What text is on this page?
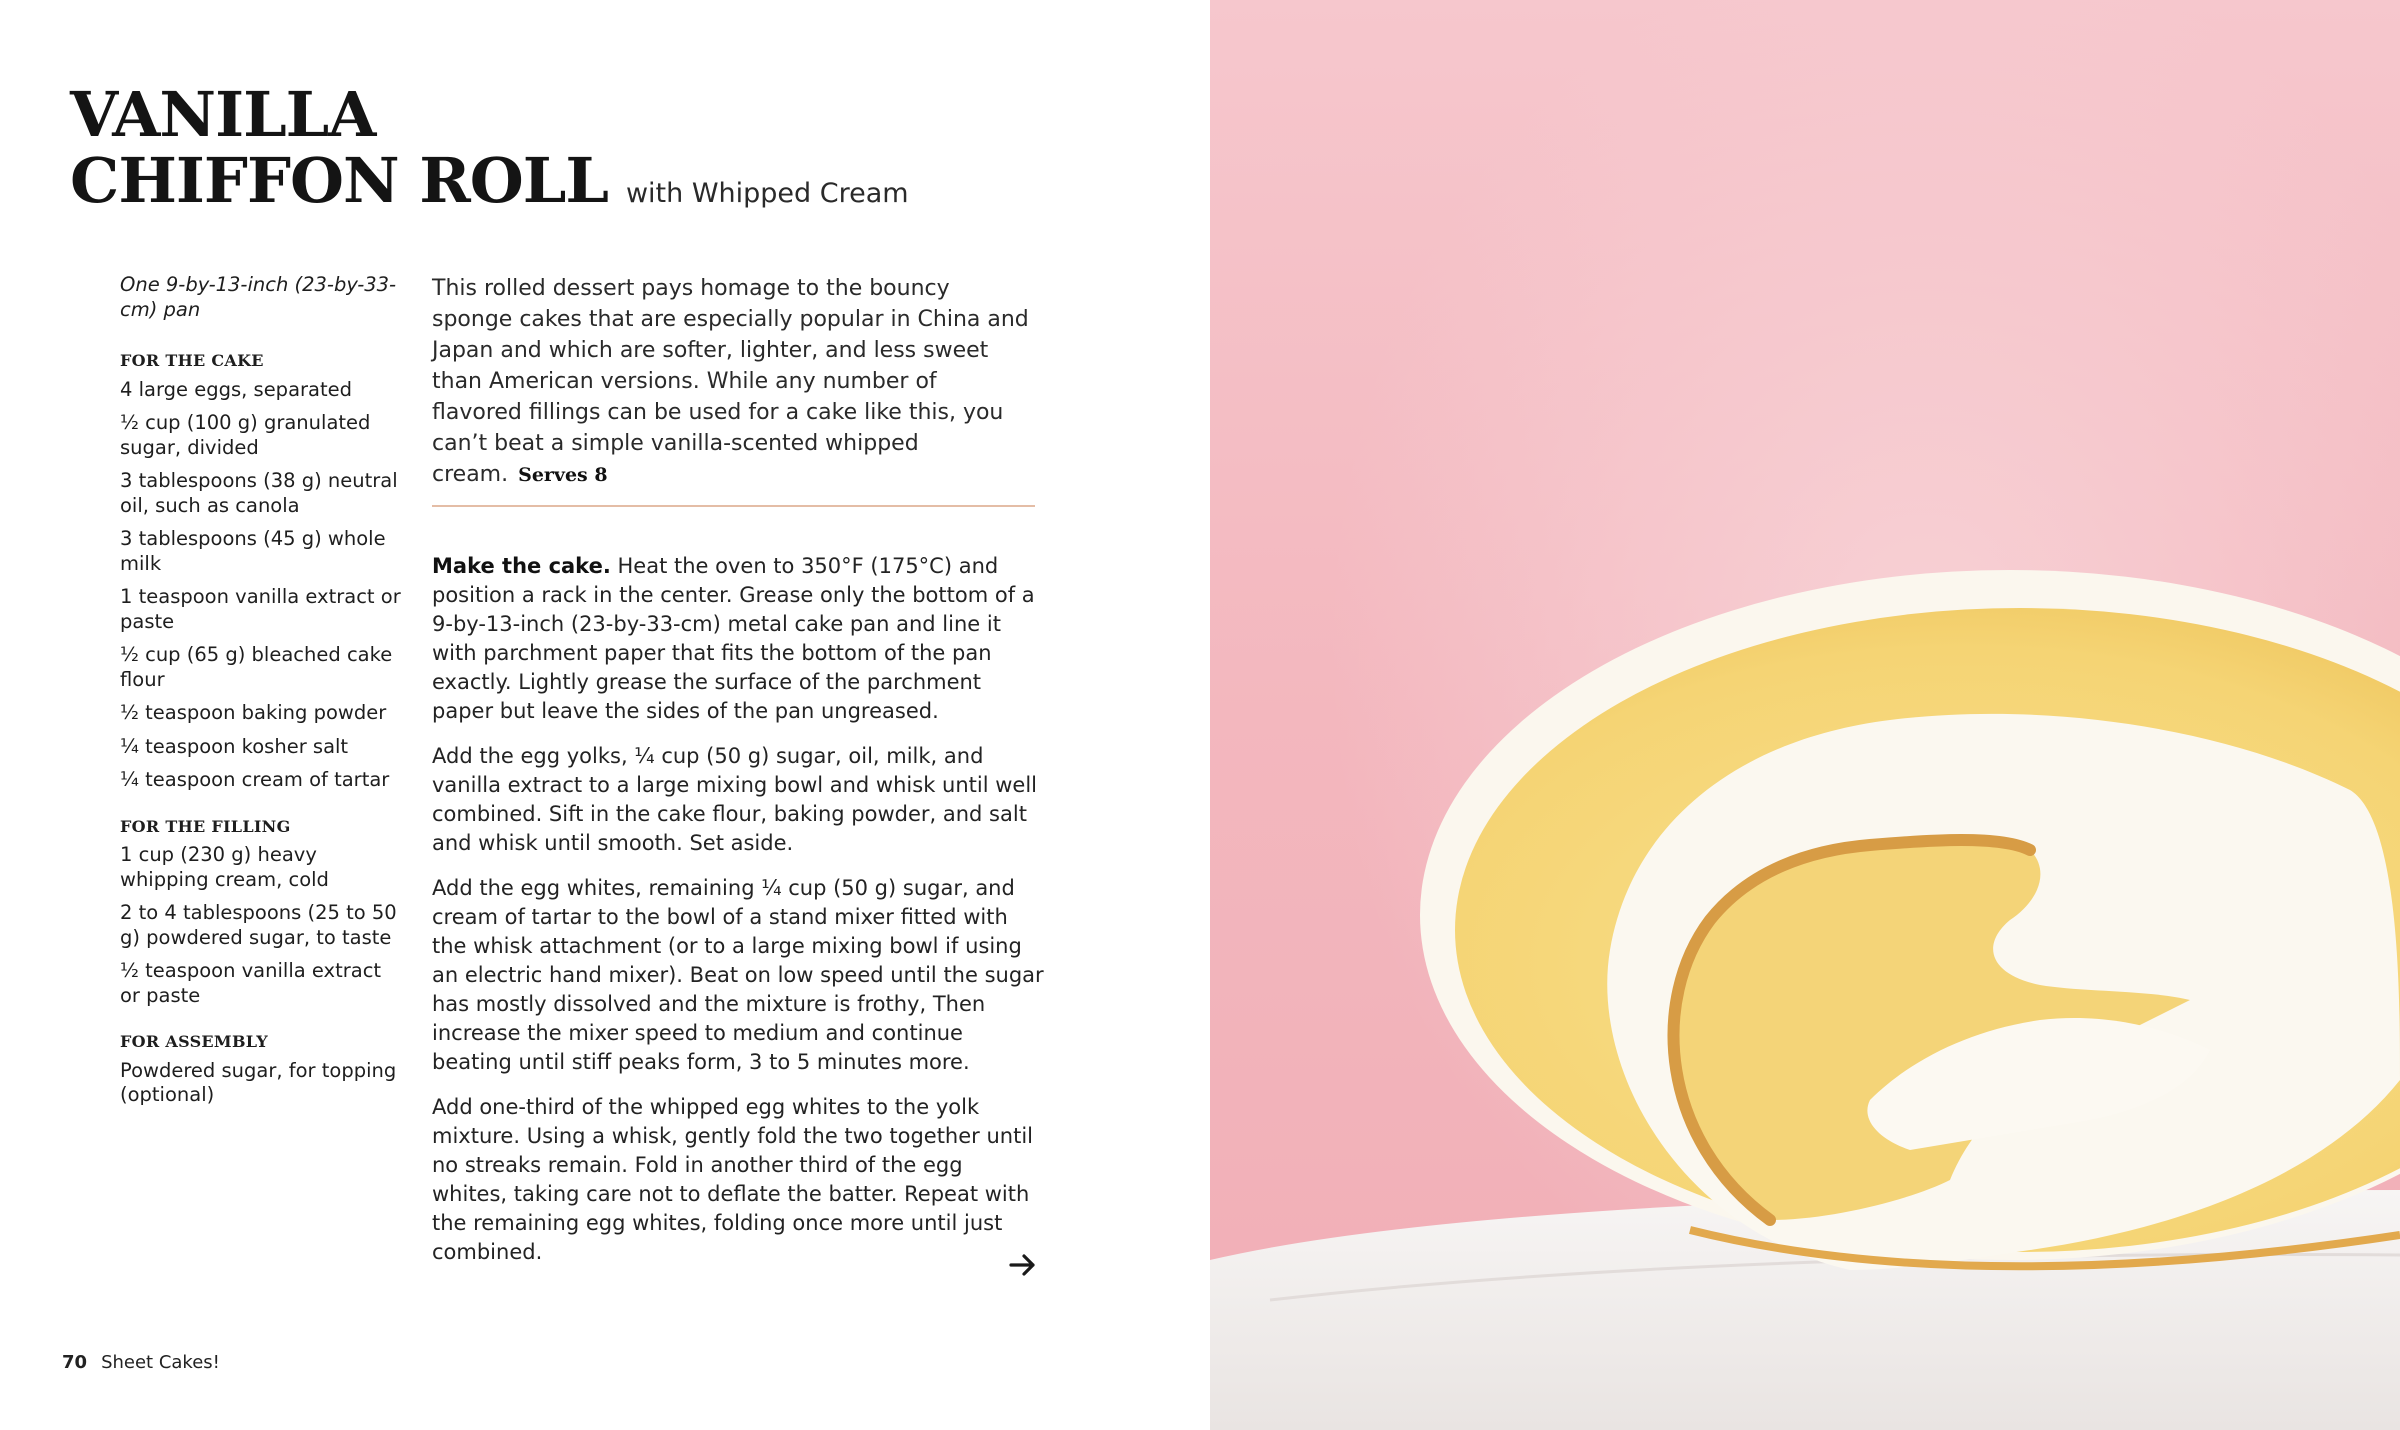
VANILLA
CHIFFON ROLL with Whipped Cream
One 9-by-13-inch (23-by-33-cm) pan
FOR THE CAKE
4 large eggs, separated
½ cup (100 g) granulated sugar, divided
3 tablespoons (38 g) neutral oil, such as canola
3 tablespoons (45 g) whole milk
1 teaspoon vanilla extract or paste
½ cup (65 g) bleached cake flour
½ teaspoon baking powder
¼ teaspoon kosher salt
¼ teaspoon cream of tartar
FOR THE FILLING
1 cup (230 g) heavy whipping cream, cold
2 to 4 tablespoons (25 to 50 g) powdered sugar, to taste
½ teaspoon vanilla extract or paste
FOR ASSEMBLY
Powdered sugar, for topping (optional)
This rolled dessert pays homage to the bouncy sponge cakes that are especially popular in China and Japan and which are softer, lighter, and less sweet than American versions. While any number of flavored fillings can be used for a cake like this, you can’t beat a simple vanilla-scented whipped cream. Serves 8

Make the cake. Heat the oven to 350°F (175°C) and position a rack in the center. Grease only the bottom of a 9-by-13-inch (23-by-33-cm) metal cake pan and line it with parchment paper that fits the bottom of the pan exactly. Lightly grease the surface of the parchment paper but leave the sides of the pan ungreased.

Add the egg yolks, ¼ cup (50 g) sugar, oil, milk, and vanilla extract to a large mixing bowl and whisk until well combined. Sift in the cake flour, baking powder, and salt and whisk until smooth. Set aside.

Add the egg whites, remaining ¼ cup (50 g) sugar, and cream of tartar to the bowl of a stand mixer fitted with the whisk attachment (or to a large mixing bowl if using an electric hand mixer). Beat on low speed until the sugar has mostly dissolved and the mixture is frothy, Then increase the mixer speed to medium and continue beating until stiff peaks form, 3 to 5 minutes more.

Add one-third of the whipped egg whites to the yolk mixture. Using a whisk, gently fold the two together until no streaks remain. Fold in another third of the egg whites, taking care not to deflate the batter. Repeat with the remaining egg whites, folding once more until just combined.

70 Sheet Cakes!
